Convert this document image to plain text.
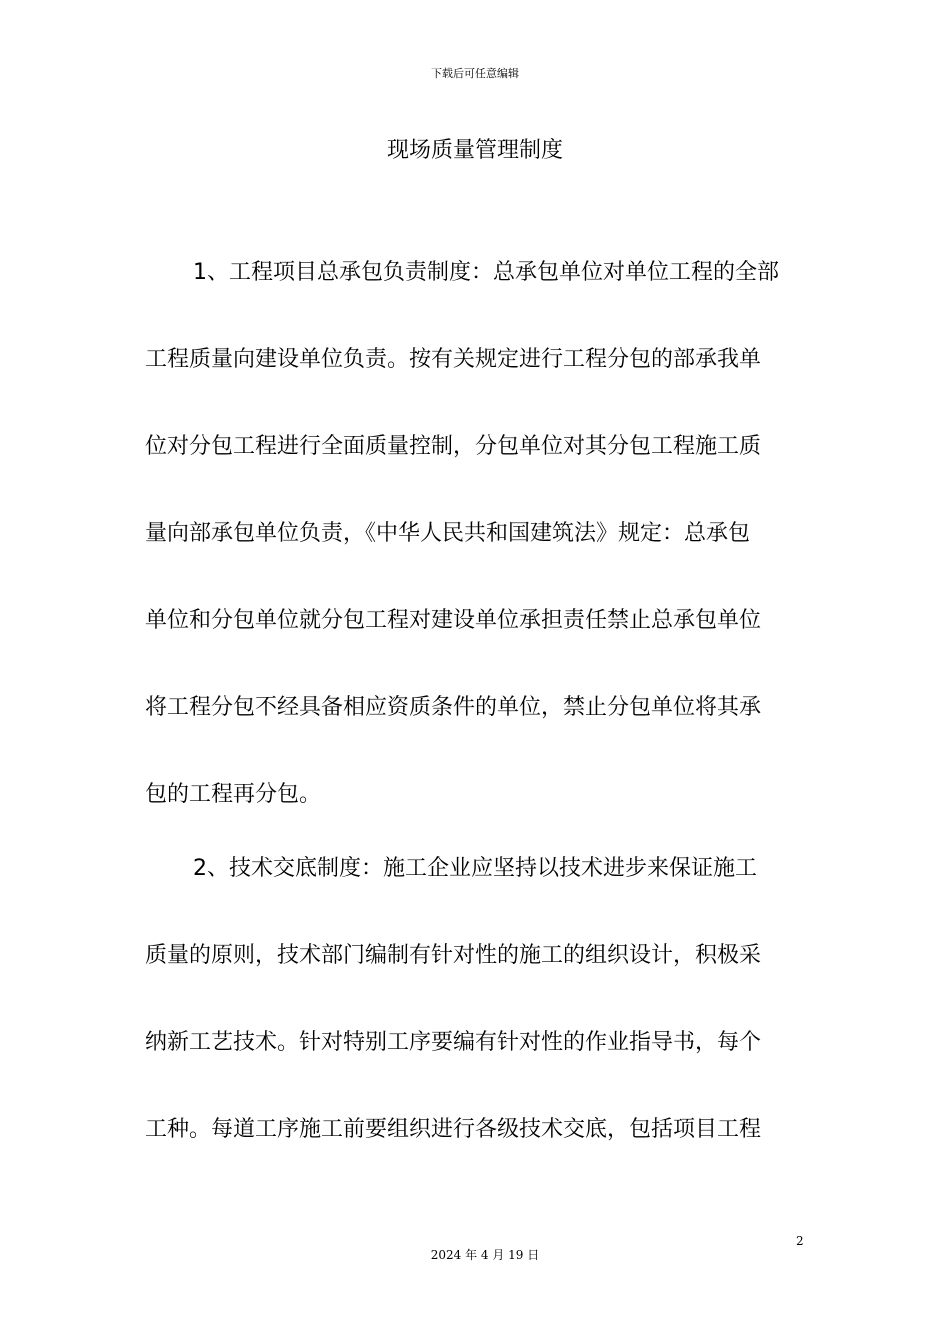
下载后可任意编辑
现场质量管理制度
1、工程项目总承包负责制度：总承包单位对单位工程的全部
工程质量向建设单位负责。按有关规定进行工程分包的部承我单
位对分包工程进行全面质量控制，分包单位对其分包工程施工质
量向部承包单位负责，《中华人民共和国建筑法》规定：总承包
单位和分包单位就分包工程对建设单位承担责任禁止总承包单位
将工程分包不经具备相应资质条件的单位，禁止分包单位将其承
包的工程再分包。
2、技术交底制度：施工企业应坚持以技术进步来保证施工
质量的原则，技术部门编制有针对性的施工的组织设计，积极采
纳新工艺技术。针对特别工序要编有针对性的作业指导书，每个
工种。每道工序施工前要组织进行各级技术交底，包括项目工程
2
2024 年 4 月 19 日
